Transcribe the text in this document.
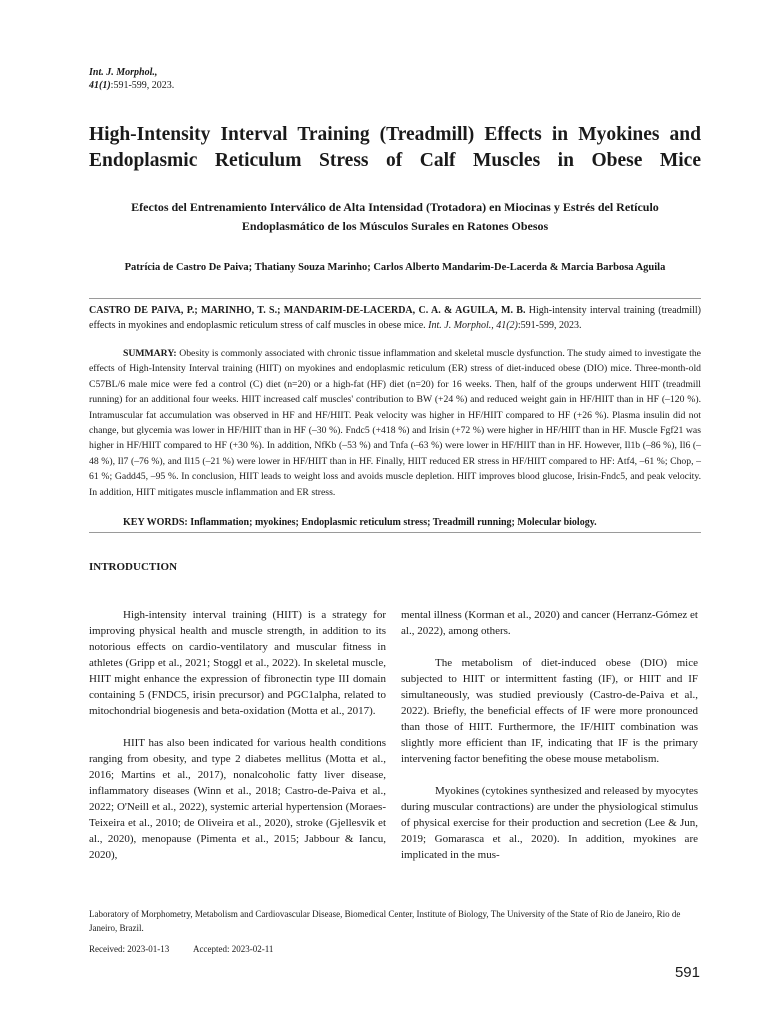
Int. J. Morphol.,
41(1):591-599, 2023.
High-Intensity Interval Training (Treadmill) Effects in Myokines and Endoplasmic Reticulum Stress of Calf Muscles in Obese Mice
Efectos del Entrenamiento Interválico de Alta Intensidad (Trotadora) en Miocinas y Estrés del Retículo Endoplasmático de los Músculos Surales en Ratones Obesos

Patrícia de Castro De Paiva; Thatiany Souza Marinho; Carlos Alberto Mandarim-De-Lacerda & Marcia Barbosa Aguila

CASTRO DE PAIVA, P.; MARINHO, T. S.; MANDARIM-DE-LACERDA, C. A. & AGUILA, M. B. High-intensity interval training (treadmill) effects in myokines and endoplasmic reticulum stress of calf muscles in obese mice. Int. J. Morphol., 41(2):591-599, 2023.

SUMMARY: Obesity is commonly associated with chronic tissue inflammation and skeletal muscle dysfunction. The study aimed to investigate the effects of High-Intensity Interval training (HIIT) on myokines and endoplasmic reticulum (ER) stress of diet-induced obese (DIO) mice. Three-month-old C57BL/6 male mice were fed a control (C) diet (n=20) or a high-fat (HF) diet (n=20) for 16 weeks. Then, half of the groups underwent HIIT (treadmill running) for an additional four weeks. HIIT increased calf muscles' contribution to BW (+24 %) and reduced weight gain in HF/HIIT than in HF (–120 %). Intramuscular fat accumulation was observed in HF and HF/HIIT. Peak velocity was higher in HF/HIIT compared to HF (+26 %). Plasma insulin did not change, but glycemia was lower in HF/HIIT than in HF (–30 %). Fndc5 (+418 %) and Irisin (+72 %) were higher in HF/HIIT than in HF. Muscle Fgf21 was higher in HF/HIIT compared to HF (+30 %). In addition, NfKb (–53 %) and Tnfa (–63 %) were lower in HF/HIIT than in HF. However, Il1b (–86 %), Il6 (–48 %), Il7 (–76 %), and Il15 (–21 %) were lower in HF/HIIT than in HF. Finally, HIIT reduced ER stress in HF/HIIT compared to HF: Atf4, –61 %; Chop, –61 %; Gadd45, –95 %. In conclusion, HIIT leads to weight loss and avoids muscle depletion. HIIT improves blood glucose, Irisin-Fndc5, and peak velocity. In addition, HIIT mitigates muscle inflammation and ER stress.

KEY WORDS: Inflammation; myokines; Endoplasmic reticulum stress; Treadmill running; Molecular biology.

INTRODUCTION

High-intensity interval training (HIIT) is a strategy for improving physical health and muscle strength, in addition to its notorious effects on cardio-ventilatory and muscular fitness in athletes (Gripp et al., 2021; Stoggl et al., 2022). In skeletal muscle, HIIT might enhance the expression of fibronectin type III domain containing 5 (FNDC5, irisin precursor) and PGC1alpha, related to mitochondrial biogenesis and beta-oxidation (Motta et al., 2017).

HIIT has also been indicated for various health conditions ranging from obesity, and type 2 diabetes mellitus (Motta et al., 2016; Martins et al., 2017), nonalcoholic fatty liver disease, inflammatory diseases (Winn et al., 2018; Castro-de-Paiva et al., 2022; O'Neill et al., 2022), systemic arterial hypertension (Moraes-Teixeira et al., 2010; de Oliveira et al., 2020), stroke (Gjellesvik et al., 2020), menopause (Pimenta et al., 2015; Jabbour & Iancu, 2020),

mental illness (Korman et al., 2020) and cancer (Herranz-Gómez et al., 2022), among others.

The metabolism of diet-induced obese (DIO) mice subjected to HIIT or intermittent fasting (IF), or HIIT and IF simultaneously, was studied previously (Castro-de-Paiva et al., 2022). Briefly, the beneficial effects of IF were more pronounced than those of HIIT. Furthermore, the IF/HIIT combination was slightly more efficient than IF, indicating that IF is the primary intervening factor benefiting the obese mouse metabolism.

Myokines (cytokines synthesized and released by myocytes during muscular contractions) are under the physiological stimulus of physical exercise for their production and secretion (Lee & Jun, 2019; Gomarasca et al., 2020). In addition, myokines are implicated in the mus-

Laboratory of Morphometry, Metabolism and Cardiovascular Disease, Biomedical Center, Institute of Biology, The University of the State of Rio de Janeiro, Rio de Janeiro, Brazil.

Received: 2023-01-13	Accepted: 2023-02-11

591
